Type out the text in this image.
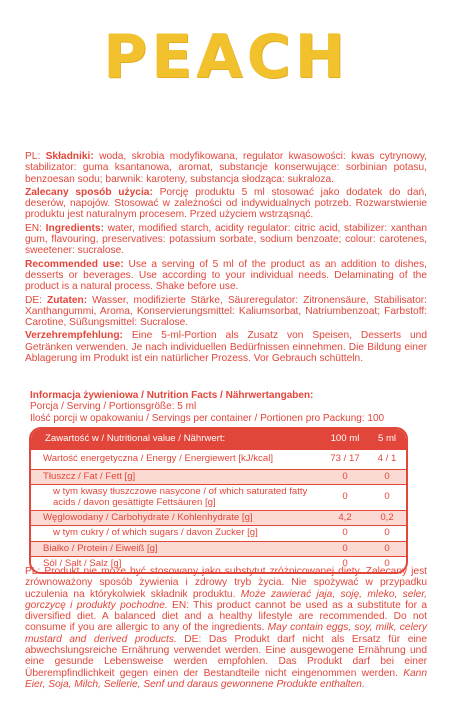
PEACH

PL: Składniki: woda, skrobia modyfikowana, regulator kwasowości: kwas cytrynowy, stabilizator: guma ksantanowa, aromat, substancje konserwujące: sorbinian potasu, benzoesan sodu; barwnik: karoteny, substancja słodząca: sukraloza.

Zalecany sposób użycia: Porcję produktu 5 ml stosować jako dodatek do dań, deserów, napojów. Stosować w zależności od indywidualnych potrzeb. Rozwarstwienie produktu jest naturalnym procesem. Przed użyciem wstrząsnąć.

EN: Ingredients: water, modified starch, acidity regulator: citric acid, stabilizer: xanthan gum, flavouring, preservatives: potassium sorbate, sodium benzoate; colour: carotenes, sweetener: sucralose.

Recommended use: Use a serving of 5 ml of the product as an addition to dishes, desserts or beverages. Use according to your individual needs. Delaminating of the product is a natural process. Shake before use.

DE: Zutaten: Wasser, modifizierte Stärke, Säureregulator: Zitronensäure, Stabilisator: Xanthangummi, Aroma, Konservierungsmittel: Kaliumsorbat, Natriumbenzoat; Farbstoff: Carotine, Süßungsmittel: Sucralose.

Verzehrempfehlung: Eine 5-ml-Portion als Zusatz von Speisen, Desserts und Getränken verwenden. Je nach individuellen Bedürfnissen einnehmen. Die Bildung einer Ablagerung im Produkt ist ein natürlicher Prozess. Vor Gebrauch schütteln.

Informacja żywieniowa / Nutrition Facts / Nährwertangaben:
Porcja / Serving / Portionsgröße: 5 ml
Ilość porcji w opakowaniu / Servings per container / Portionen pro Packung: 100
Zawartość w / Nutritional value / Nährwert:	100 ml	5 ml
Wartość energetyczna / Energy / Energiewert [kJ/kcal]	73 / 17	4 / 1
Tłuszcz / Fat / Fett [g]	0	0
w tym kwasy tłuszczowe nasycone / of which saturated fatty acids / davon gesättigte Fettsäuren [g]	0	0
Węglowodany / Carbohydrate / Kohlenhydrate [g]	4,2	0,2
w tym cukry / of which sugars / davon Zucker [g]	0	0
Białko / Protein / Eiweiß [g]	0	0
Sól / Salt / Salz [g]	0	0
PL: Produkt nie może być stosowany jako substytut zróżnicowanej diety. Zalecany jest zrównoważony sposób żywienia i zdrowy tryb życia. Nie spożywać w przypadku uczulenia na którykolwiek składnik produktu. Może zawierać jaja, soję, mleko, seler, gorczycę i produkty pochodne. EN: This product cannot be used as a substitute for a diversified diet. A balanced diet and a healthy lifestyle are recommended. Do not consume if you are allergic to any of the ingredients. May contain eggs, soy, milk, celery mustard and derived products. DE: Das Produkt darf nicht als Ersatz für eine abwechslungsreiche Ernährung verwendet werden. Eine ausgewogene Ernährung und eine gesunde Lebensweise werden empfohlen. Das Produkt darf bei einer Überempfindlichkeit gegen einen der Bestandteile nicht eingenommen werden. Kann Eier, Soja, Milch, Sellerie, Senf und daraus gewonnene Produkte enthalten.
